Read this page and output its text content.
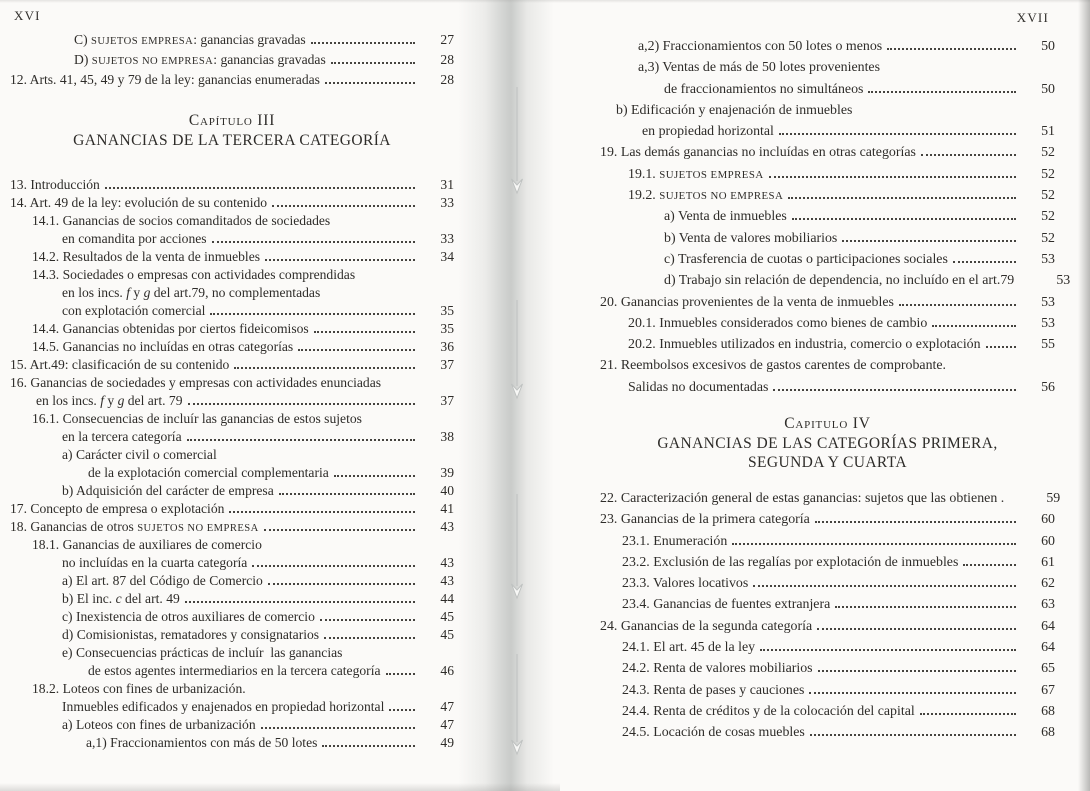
XVI
C) SUJETOS EMPRESA: ganancias gravadas	27
D) SUJETOS NO EMPRESA: ganancias gravadas	28
12. Arts. 41, 45, 49 y 79 de la ley: ganancias enumeradas	28
Capítulo III
GANANCIAS DE LA TERCERA CATEGORÍA
13. Introducción	31
14. Art. 49 de la ley: evolución de su contenido	33
14.1. Ganancias de socios comanditados de sociedades
en comandita por acciones	33
14.2. Resultados de la venta de inmuebles	34
14.3. Sociedades o empresas con actividades comprendidas
en los incs. f y g del art.79, no complementadas
con explotación comercial	35
14.4. Ganancias obtenidas por ciertos fideicomisos	35
14.5. Ganancias no incluídas en otras categorías	36
15. Art.49: clasificación de su contenido	37
16. Ganancias de sociedades y empresas con actividades enunciadas
en los incs. f y g del art. 79	37
16.1. Consecuencias de incluír las ganancias de estos sujetos
en la tercera categoría	38
a) Carácter civil o comercial
de la explotación comercial complementaria	39
b) Adquisición del carácter de empresa	40
17. Concepto de empresa o explotación	41
18. Ganancias de otros SUJETOS NO EMPRESA	43
18.1. Ganancias de auxiliares de comercio
no incluídas en la cuarta categoría	43
a) El art. 87 del Código de Comercio	43
b) El inc. c del art. 49	44
c) Inexistencia de otros auxiliares de comercio	45
d) Comisionistas, rematadores y consignatarios	45
e) Consecuencias prácticas de incluír  las ganancias
de estos agentes intermediarios en la tercera categoría	46
18.2. Loteos con fines de urbanización.
Inmuebles edificados y enajenados en propiedad horizontal	47
a) Loteos con fines de urbanización	47
a,1) Fraccionamientos con más de 50 lotes	49
XVII
a,2) Fraccionamientos con 50 lotes o menos	50
a,3) Ventas de más de 50 lotes provenientes
de fraccionamientos no simultáneos	50
b) Edificación y enajenación de inmuebles
en propiedad horizontal	51
19. Las demás ganancias no incluídas en otras categorías	52
19.1. SUJETOS EMPRESA	52
19.2. SUJETOS NO EMPRESA	52
a) Venta de inmuebles	52
b) Venta de valores mobiliarios	52
c) Trasferencia de cuotas o participaciones sociales	53
d) Trabajo sin relación de dependencia, no incluído en el art.79	53
20. Ganancias provenientes de la venta de inmuebles	53
20.1. Inmuebles considerados como bienes de cambio	53
20.2. Inmuebles utilizados en industria, comercio o explotación	55
21. Reembolsos excesivos de gastos carentes de comprobante.
Salidas no documentadas	56
Capitulo IV
GANANCIAS DE LAS CATEGORÍAS PRIMERA,
SEGUNDA Y CUARTA
22. Caracterización general de estas ganancias: sujetos que las obtienen .	59
23. Ganancias de la primera categoría	60
23.1. Enumeración	60
23.2. Exclusión de las regalías por explotación de inmuebles	61
23.3. Valores locativos	62
23.4. Ganancias de fuentes extranjera	63
24. Ganancias de la segunda categoría	64
24.1. El art. 45 de la ley	64
24.2. Renta de valores mobiliarios	65
24.3. Renta de pases y cauciones	67
24.4. Renta de créditos y de la colocación del capital	68
24.5. Locación de cosas muebles	68
